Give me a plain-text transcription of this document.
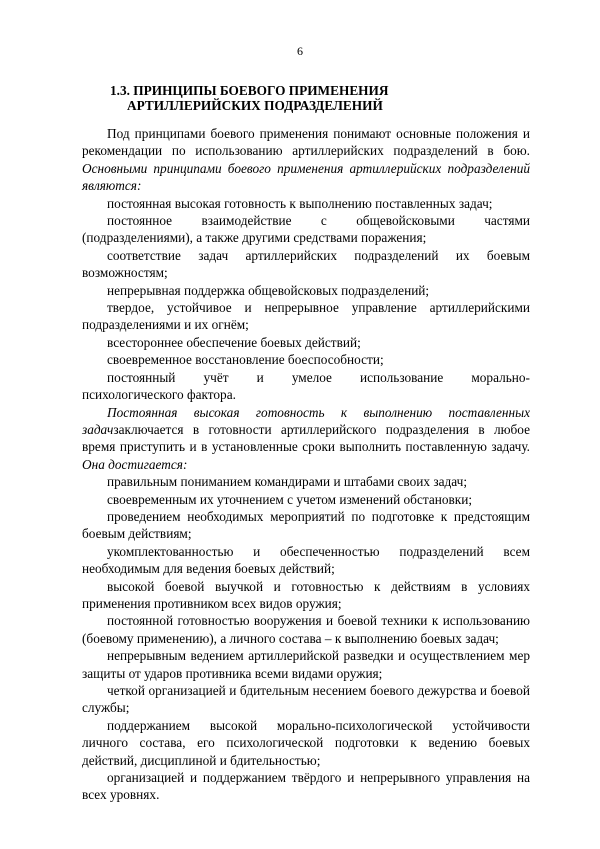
6
1.3. ПРИНЦИПЫ БОЕВОГО ПРИМЕНЕНИЯ
АРТИЛЛЕРИЙСКИХ ПОДРАЗДЕЛЕНИЙ

Под принципами боевого применения понимают основные положения и рекомендации по использованию артиллерийских подразделений в бою. Основными принципами боевого применения артиллерийских подразделений являются:

постоянная высокая готовность к выполнению поставленных задач;

постоянное взаимодействие с общевойсковыми частями (подразделениями), а также другими средствами поражения;

соответствие задач артиллерийских подразделений их боевым возможностям;

непрерывная поддержка общевойсковых подразделений;

твердое, устойчивое и непрерывное управление артиллерийскими подразделениями и их огнём;

всестороннее обеспечение боевых действий;

своевременное восстановление боеспособности;

постоянный учёт и умелое использование морально-
психологического фактора.

Постоянная высокая готовность к выполнению поставленных задачзаключается в готовности артиллерийского подразделения в любое время приступить и в установленные сроки выполнить поставленную задачу. Она достигается:

правильным пониманием командирами и штабами своих задач;

своевременным их уточнением с учетом изменений обстановки;

проведением необходимых мероприятий по подготовке к предстоящим боевым действиям;

укомплектованностью и обеспеченностью подразделений всем необходимым для ведения боевых действий;

высокой боевой выучкой и готовностью к действиям в условиях применения противником всех видов оружия;

постоянной готовностью вооружения и боевой техники к использованию (боевому применению), а личного состава – к выполнению боевых задач;

непрерывным ведением артиллерийской разведки и осуществлением мер защиты от ударов противника всеми видами оружия;

четкой организацией и бдительным несением боевого дежурства и боевой службы;

поддержанием высокой морально-психологической устойчивости личного состава, его психологической подготовки к ведению боевых действий, дисциплиной и бдительностью;

организацией и поддержанием твёрдого и непрерывного управления на всех уровнях.
